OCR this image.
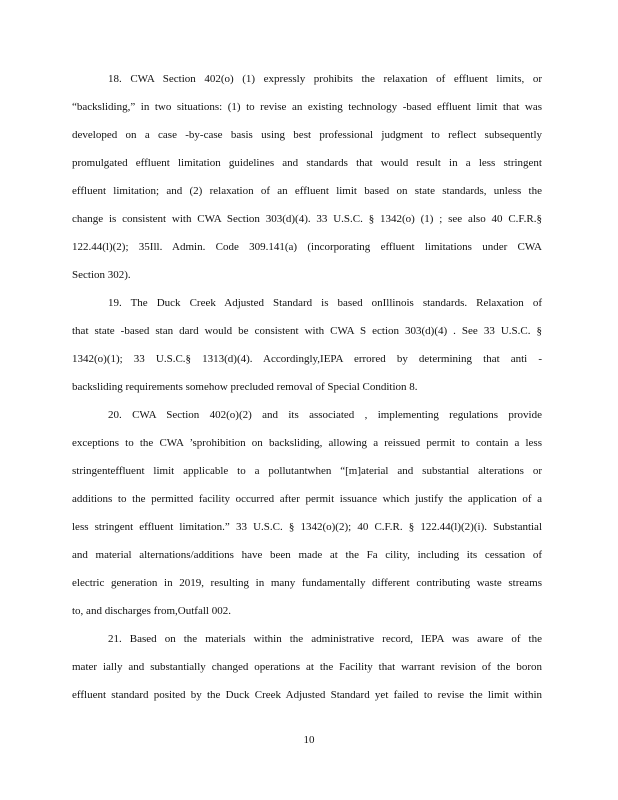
18. CWA Section 402(o) (1) expressly prohibits the relaxation of effluent limits, or
“backsliding,” in two situations: (1) to revise an existing technology -based effluent limit that was
developed on a case -by-case basis using best professional judgment to reflect subsequently
promulgated effluent limitation guidelines and standards that would result in a less stringent
effluent limitation; and (2) relaxation of an effluent limit based on state standards, unless the
change is consistent with CWA Section 303(d)(4). 33 U.S.C. § 1342(o) (1) ; see also 40 C.F.R.§
122.44(l)(2); 35Ill. Admin. Code 309.141(a) (incorporating effluent limitations under CWA
Section 302).
19. The Duck Creek Adjusted Standard is based onIllinois standards. Relaxation of
that state -based stan dard would be consistent with CWA S ection 303(d)(4) . See 33 U.S.C. §
1342(o)(1); 33 U.S.C.§ 1313(d)(4). Accordingly,IEPA errored by determining that anti -
backsliding requirements somehow precluded removal of Special Condition 8.
20. CWA Section 402(o)(2) and its associated , implementing regulations provide
exceptions to the CWA ’sprohibition on backsliding, allowing a reissued permit to contain a less
stringenteffluent limit applicable to a pollutantwhen “[m]aterial and substantial alterations or
additions to the permitted facility occurred after permit issuance which justify the application of a
less stringent effluent limitation.” 33 U.S.C. § 1342(o)(2); 40 C.F.R. § 122.44(l)(2)(i). Substantial
and material alternations/additions have been made at the Fa cility, including its cessation of
electric generation in 2019, resulting in many fundamentally different contributing waste streams
to, and discharges from,Outfall 002.
21. Based on the materials within the administrative record, IEPA was aware of the
mater ially and substantially changed operations at the Facility that warrant revision of the boron
effluent standard posited by the Duck Creek Adjusted Standard yet failed to revise the limit within
10
